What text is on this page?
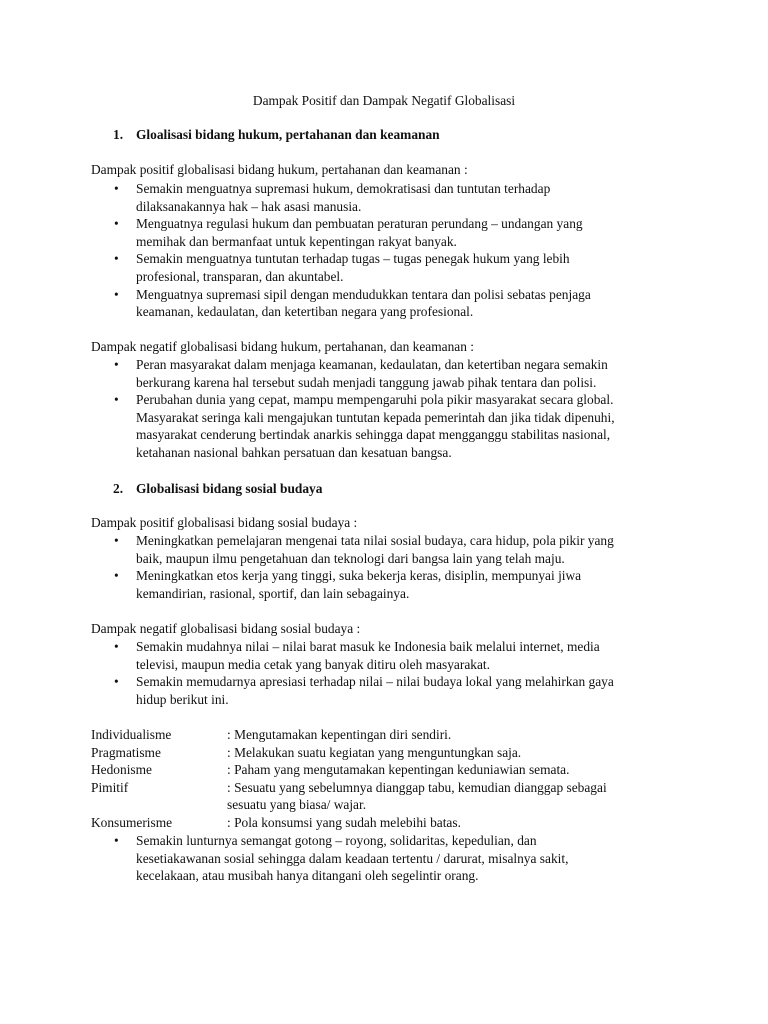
Dampak Positif dan Dampak Negatif Globalisasi
1. Gloalisasi bidang hukum, pertahanan dan keamanan
Dampak positif globalisasi bidang hukum, pertahanan dan keamanan :
• Semakin menguatnya supremasi hukum, demokratisasi dan tuntutan terhadap
dilaksanakannya hak – hak asasi manusia.
• Menguatnya regulasi hukum dan pembuatan peraturan perundang – undangan yang
memihak dan bermanfaat untuk kepentingan rakyat banyak.
• Semakin menguatnya tuntutan terhadap tugas – tugas penegak hukum yang lebih
profesional, transparan, dan akuntabel.
• Menguatnya supremasi sipil dengan mendudukkan tentara dan polisi sebatas penjaga
keamanan, kedaulatan, dan ketertiban negara yang profesional.
Dampak negatif globalisasi bidang hukum, pertahanan, dan keamanan :
• Peran masyarakat dalam menjaga keamanan, kedaulatan, dan ketertiban negara semakin
berkurang karena hal tersebut sudah menjadi tanggung jawab pihak tentara dan polisi.
• Perubahan dunia yang cepat, mampu mempengaruhi pola pikir masyarakat secara global.
Masyarakat seringa kali mengajukan tuntutan kepada pemerintah dan jika tidak dipenuhi,
masyarakat cenderung bertindak anarkis sehingga dapat mengganggu stabilitas nasional,
ketahanan nasional bahkan persatuan dan kesatuan bangsa.
2. Globalisasi bidang sosial budaya
Dampak positif globalisasi bidang sosial budaya :
• Meningkatkan pemelajaran mengenai tata nilai sosial budaya, cara hidup, pola pikir yang
baik, maupun ilmu pengetahuan dan teknologi dari bangsa lain yang telah maju.
• Meningkatkan etos kerja yang tinggi, suka bekerja keras, disiplin, mempunyai jiwa
kemandirian, rasional, sportif, dan lain sebagainya.
Dampak negatif globalisasi bidang sosial budaya :
• Semakin mudahnya nilai – nilai barat masuk ke Indonesia baik melalui internet, media
televisi, maupun media cetak yang banyak ditiru oleh masyarakat.
• Semakin memudarnya apresiasi terhadap nilai – nilai budaya lokal yang melahirkan gaya
hidup berikut ini.
Individualisme	: Mengutamakan kepentingan diri sendiri.
Pragmatisme	: Melakukan suatu kegiatan yang menguntungkan saja.
Hedonisme	: Paham yang mengutamakan kepentingan keduniawian semata.
Pimitif	: Sesuatu yang sebelumnya dianggap tabu, kemudian dianggap sebagai
sesuatu yang biasa/ wajar.
Konsumerisme	: Pola konsumsi yang sudah melebihi batas.
• Semakin lunturnya semangat gotong – royong, solidaritas, kepedulian, dan
kesetiakawanan sosial sehingga dalam keadaan tertentu / darurat, misalnya sakit,
kecelakaan, atau musibah hanya ditangani oleh segelintir orang.
